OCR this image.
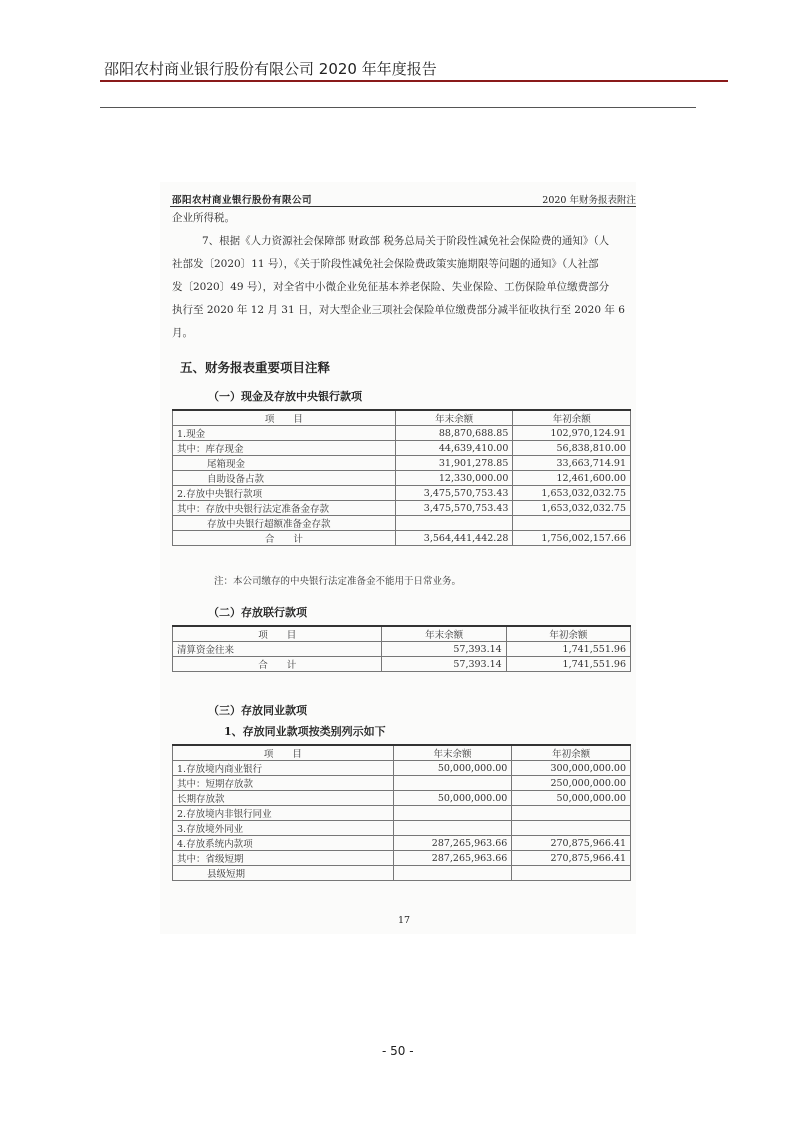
邵阳农村商业银行股份有限公司 2020 年年度报告
邵阳农村商业银行股份有限公司	2020 年财务报表附注
企业所得税。
7、根据《人力资源社会保障部 财政部 税务总局关于阶段性减免社会保险费的通知》（人
社部发〔2020〕11 号），《关于阶段性减免社会保险费政策实施期限等问题的通知》（人社部
发〔2020〕49 号），对全省中小微企业免征基本养老保险、失业保险、工伤保险单位缴费部分
执行至 2020 年 12 月 31 日，对大型企业三项社会保险单位缴费部分减半征收执行至 2020 年 6
月。
五、财务报表重要项目注释
（一）现金及存放中央银行款项
项　　目	年末余额	年初余额
1.现金	88,870,688.85	102,970,124.91
其中：库存现金	44,639,410.00	56,838,810.00
尾箱现金	31,901,278.85	33,663,714.91
自助设备占款	12,330,000.00	12,461,600.00
2.存放中央银行款项	3,475,570,753.43	1,653,032,032.75
其中：存放中央银行法定准备金存款	3,475,570,753.43	1,653,032,032.75
存放中央银行超额准备金存款		
合　　计	3,564,441,442.28	1,756,002,157.66
注：本公司缴存的中央银行法定准备金不能用于日常业务。
（二）存放联行款项
项　　目	年末余额	年初余额
清算资金往来	57,393.14	1,741,551.96
合　　计	57,393.14	1,741,551.96
（三）存放同业款项
1、存放同业款项按类别列示如下
项　　目	年末余额	年初余额
1.存放境内商业银行	50,000,000.00	300,000,000.00
其中：短期存放款		250,000,000.00
长期存放款	50,000,000.00	50,000,000.00
2.存放境内非银行同业		
3.存放境外同业		
4.存放系统内款项	287,265,963.66	270,875,966.41
其中：省级短期	287,265,963.66	270,875,966.41
县级短期		
17
- 50 -
